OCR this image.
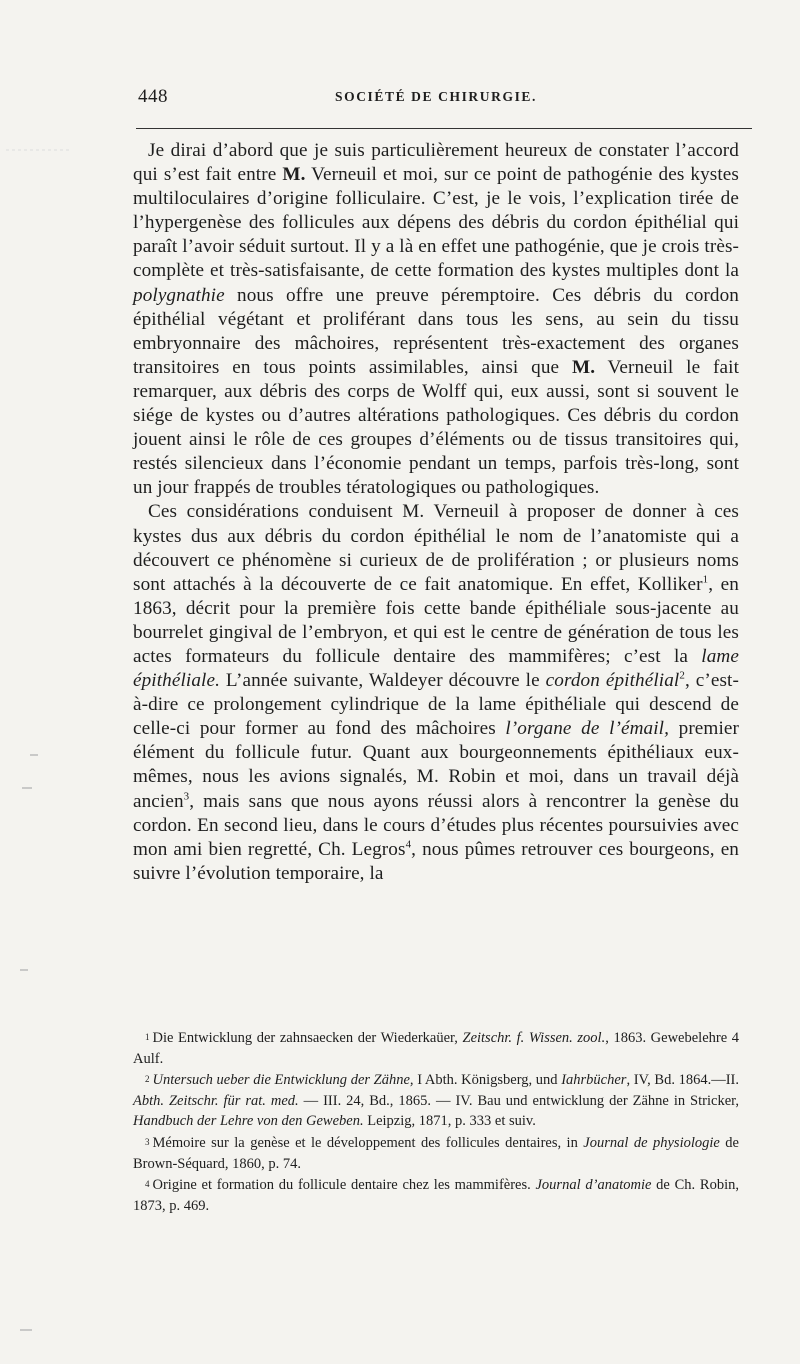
448	SOCIÉTÉ DE CHIRURGIE.

Je dirai d’abord que je suis particulièrement heureux de constater l’accord qui s’est fait entre M. Verneuil et moi, sur ce point de pathogénie des kystes multiloculaires d’origine folliculaire. C’est, je le vois, l’explication tirée de l’hypergenèse des follicules aux dépens des débris du cordon épithélial qui paraît l’avoir séduit surtout. Il y a là en effet une pathogénie, que je crois très-complète et très-satisfaisante, de cette formation des kystes multiples dont la polygnathie nous offre une preuve péremptoire. Ces débris du cordon épithélial végétant et proliférant dans tous les sens, au sein du tissu embryonnaire des mâchoires, représentent très-exactement des organes transitoires en tous points assimilables, ainsi que M. Verneuil le fait remarquer, aux débris des corps de Wolff qui, eux aussi, sont si souvent le siége de kystes ou d’autres altérations pathologiques. Ces débris du cordon jouent ainsi le rôle de ces groupes d’éléments ou de tissus transitoires qui, restés silencieux dans l’économie pendant un temps, parfois très-long, sont un jour frappés de troubles tératologiques ou pathologiques.

Ces considérations conduisent M. Verneuil à proposer de donner à ces kystes dus aux débris du cordon épithélial le nom de l’anatomiste qui a découvert ce phénomène si curieux de de prolifération ; or plusieurs noms sont attachés à la découverte de ce fait anatomique. En effet, Kolliker$^1$, en 1863, décrit pour la première fois cette bande épithéliale sous-jacente au bourrelet gingival de l’embryon, et qui est le centre de génération de tous les actes formateurs du follicule dentaire des mammifères; c’est la lame épithéliale. L’année suivante, Waldeyer découvre le cordon épithélial$^2$, c’est-à-dire ce prolongement cylindrique de la lame épithéliale qui descend de celle-ci pour former au fond des mâchoires l’organe de l’émail, premier élément du follicule futur. Quant aux bourgeonnements épithéliaux eux-mêmes, nous les avions signalés, M. Robin et moi, dans un travail déjà ancien$^3$, mais sans que nous ayons réussi alors à rencontrer la genèse du cordon. En second lieu, dans le cours d’études plus récentes poursuivies avec mon ami bien regretté, Ch. Legros$^4$, nous pûmes retrouver ces bourgeons, en suivre l’évolution temporaire, la

1 Die Entwicklung der zahnsaecken der Wiederkaüer, Zeitschr. f. Wissen. zool., 1863. Gewebelehre 4 Aulf.

2 Untersuch ueber die Entwicklung der Zähne, I Abth. Königsberg, und Iahrbücher, IV, Bd. 1864.—II. Abth. Zeitschr. für rat. med. — III. 24, Bd., 1865. — IV. Bau und entwicklung der Zähne in Stricker, Handbuch der Lehre von den Geweben. Leipzig, 1871, p. 333 et suiv.

3 Mémoire sur la genèse et le développement des follicules dentaires, in Journal de physiologie de Brown-Séquard, 1860, p. 74.

4 Origine et formation du follicule dentaire chez les mammifères. Journal d’anatomie de Ch. Robin, 1873, p. 469.
